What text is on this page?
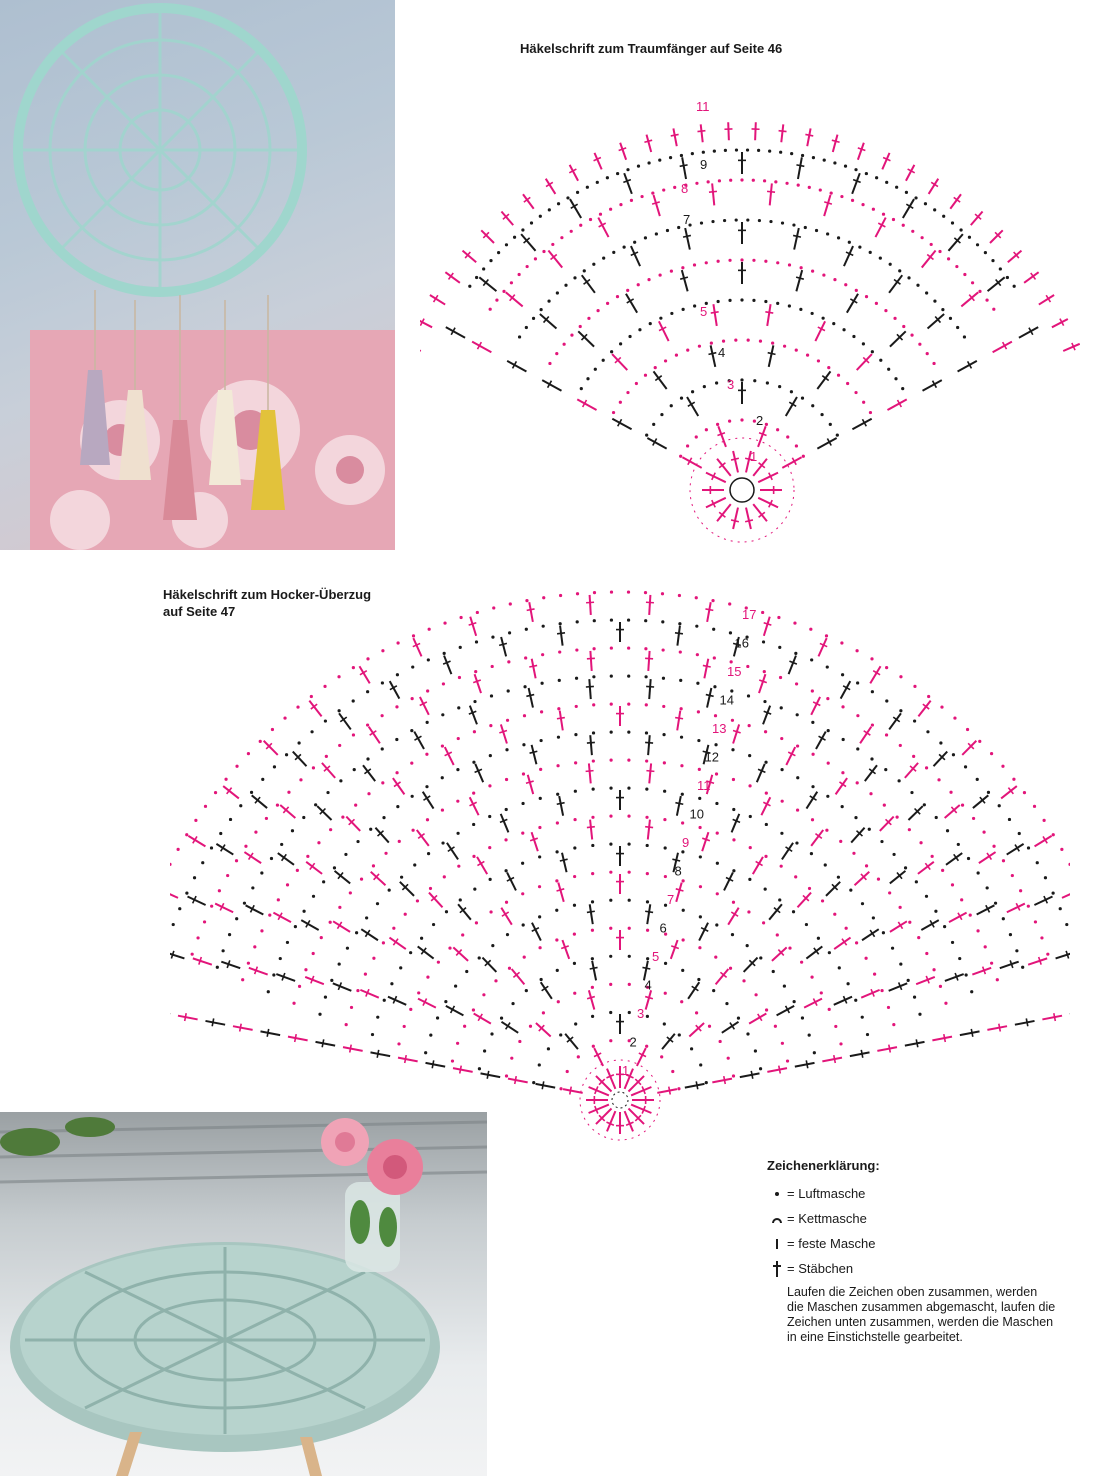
Häkelschrift zum Traumfänger auf Seite 46
1
2
3
4
5
7
8
9
11
Häkelschrift zum Hocker-Überzug
auf Seite 47
1
2
3
4
5
6
7
8
9
10
11
12
13
14
15
16
17
Zeichenerklärung:
= Luftmasche
= Kettmasche
= feste Masche
= Stäbchen
Laufen die Zeichen oben zusammen, werden die Maschen zusammen abgemascht, laufen die Zeichen unten zusammen, werden die Maschen in eine Einstichstelle gearbeitet.
